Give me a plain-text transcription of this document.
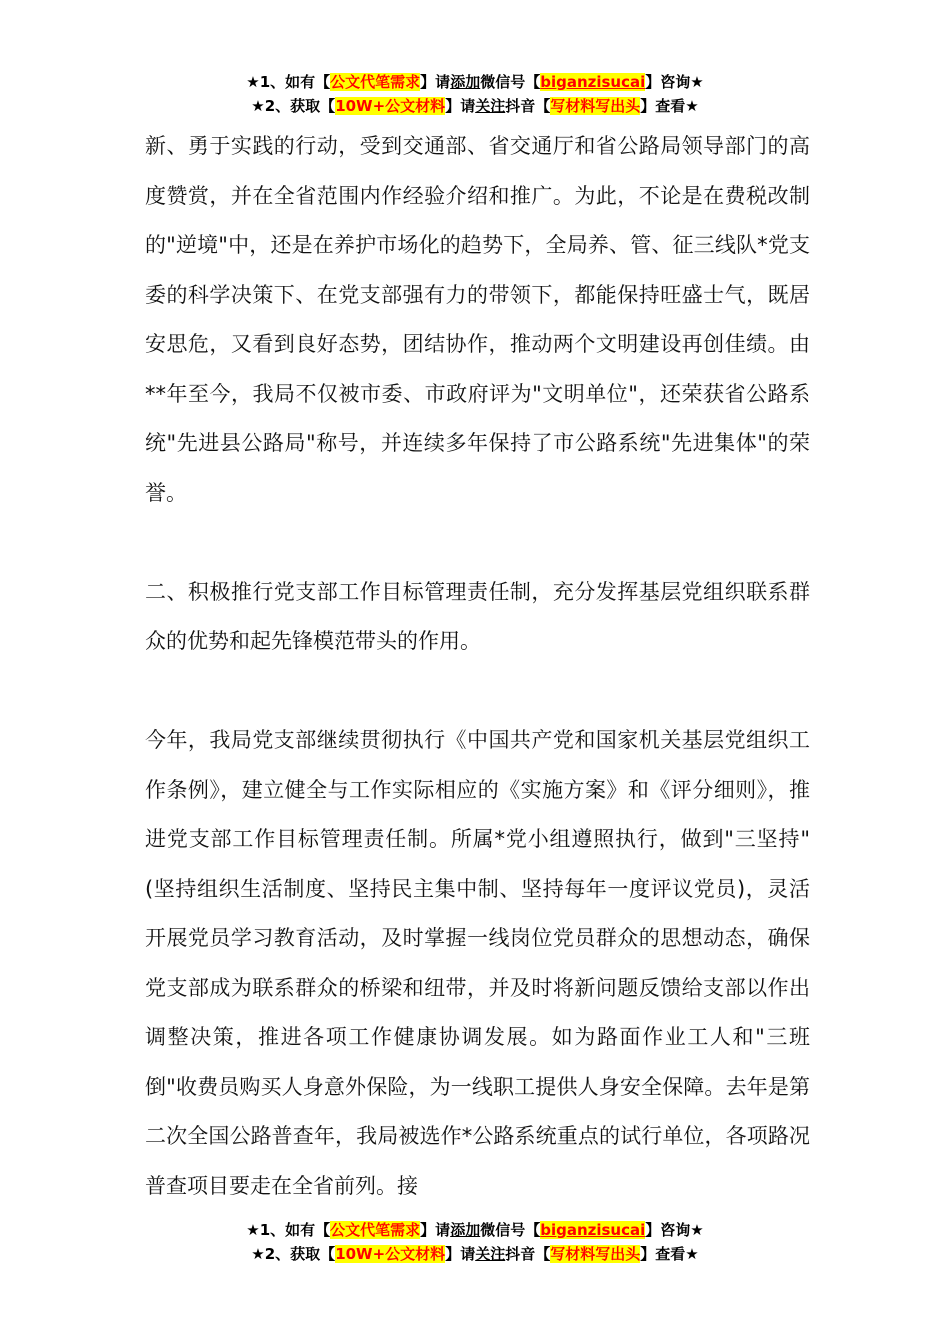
★1、如有【公文代笔需求】请添加微信号【biganzisucai】咨询★
★2、获取【10W+公文材料】请关注抖音【写材料写出头】查看★

新、勇于实践的行动，受到交通部、省交通厅和省公路局领导部门的高度赞赏，并在全省范围内作经验介绍和推广。为此，不论是在费税改制的"逆境"中，还是在养护市场化的趋势下，全局养、管、征三线队*党支委的科学决策下、在党支部强有力的带领下，都能保持旺盛士气，既居安思危，又看到良好态势，团结协作，推动两个文明建设再创佳绩。由**年至今，我局不仅被市委、市政府评为"文明单位"，还荣获省公路系统"先进县公路局"称号，并连续多年保持了市公路系统"先进集体"的荣誉。

二、积极推行党支部工作目标管理责任制，充分发挥基层党组织联系群众的优势和起先锋模范带头的作用。

今年，我局党支部继续贯彻执行《中国共产党和国家机关基层党组织工作条例》，建立健全与工作实际相应的《实施方案》和《评分细则》，推进党支部工作目标管理责任制。所属*党小组遵照执行，做到"三坚持"(坚持组织生活制度、坚持民主集中制、坚持每年一度评议党员)，灵活开展党员学习教育活动，及时掌握一线岗位党员群众的思想动态，确保党支部成为联系群众的桥梁和纽带，并及时将新问题反馈给支部以作出调整决策，推进各项工作健康协调发展。如为路面作业工人和"三班倒"收费员购买人身意外保险，为一线职工提供人身安全保障。去年是第二次全国公路普查年，我局被选作*公路系统重点的试行单位，各项路况普查项目要走在全省前列。接

★1、如有【公文代笔需求】请添加微信号【biganzisucai】咨询★
★2、获取【10W+公文材料】请关注抖音【写材料写出头】查看★
